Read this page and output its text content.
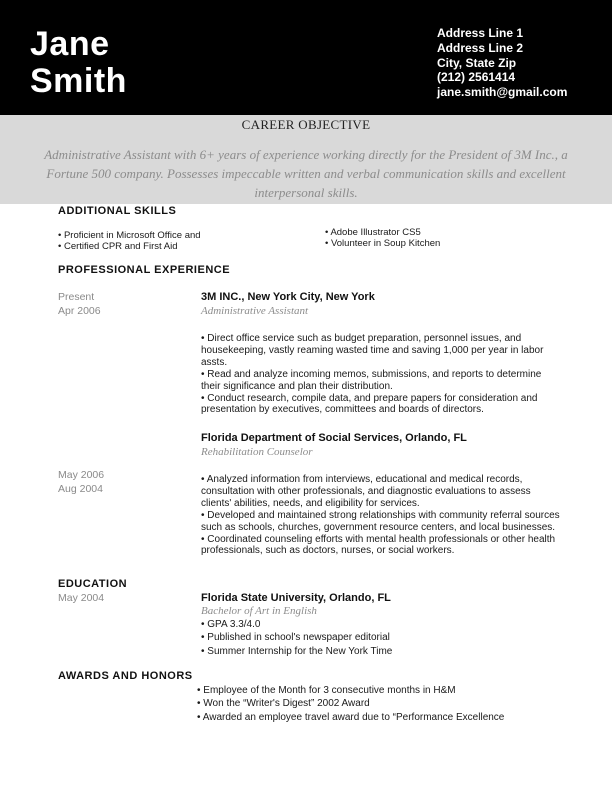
Jane
Smith
Address Line 1
Address Line 2
City, State Zip
(212) 2561414
jane.smith@gmail.com
CAREER OBJECTIVE
Administrative Assistant with 6+ years of experience working directly for the President of 3M Inc., a Fortune 500 company. Possesses impeccable written and verbal communication skills and excellent interpersonal skills.
ADDITIONAL SKILLS
• Proficient in Microsoft Office and
• Certified CPR and First Aid
• Adobe Illustrator CS5
• Volunteer in Soup Kitchen
PROFESSIONAL EXPERIENCE
Present
Apr 2006
3M INC., New York City, New York
Administrative Assistant
• Direct office service such as budget preparation, personnel issues, and housekeeping, vastly reaming wasted time and saving 1,000 per year in labor assts.
• Read and analyze incoming memos, submissions, and reports to determine their significance and plan their distribution.
• Conduct research, compile data, and prepare papers for consideration and presentation by executives, committees and boards of directors.
Florida Department of Social Services, Orlando, FL
Rehabilitation Counselor
May 2006
Aug 2004
• Analyzed information from interviews, educational and medical records, consultation with other professionals, and diagnostic evaluations to assess clients' abilities, needs, and eligibility for services.
• Developed and maintained strong relationships with community referral sources such as schools, churches, government resource centers, and local businesses.
• Coordinated counseling efforts with mental health professionals or other health professionals, such as doctors, nurses, or social workers.
EDUCATION
May 2004	Florida State University, Orlando, FL
Bachelor of Art in English
• GPA 3.3/4.0
• Published in school's newspaper editorial
• Summer Internship for the New York Time
AWARDS AND HONORS
• Employee of the Month for 3 consecutive months in H&M
• Won the “Writer's Digest” 2002 Award
• Awarded an employee travel award due to “Performance Excellence
